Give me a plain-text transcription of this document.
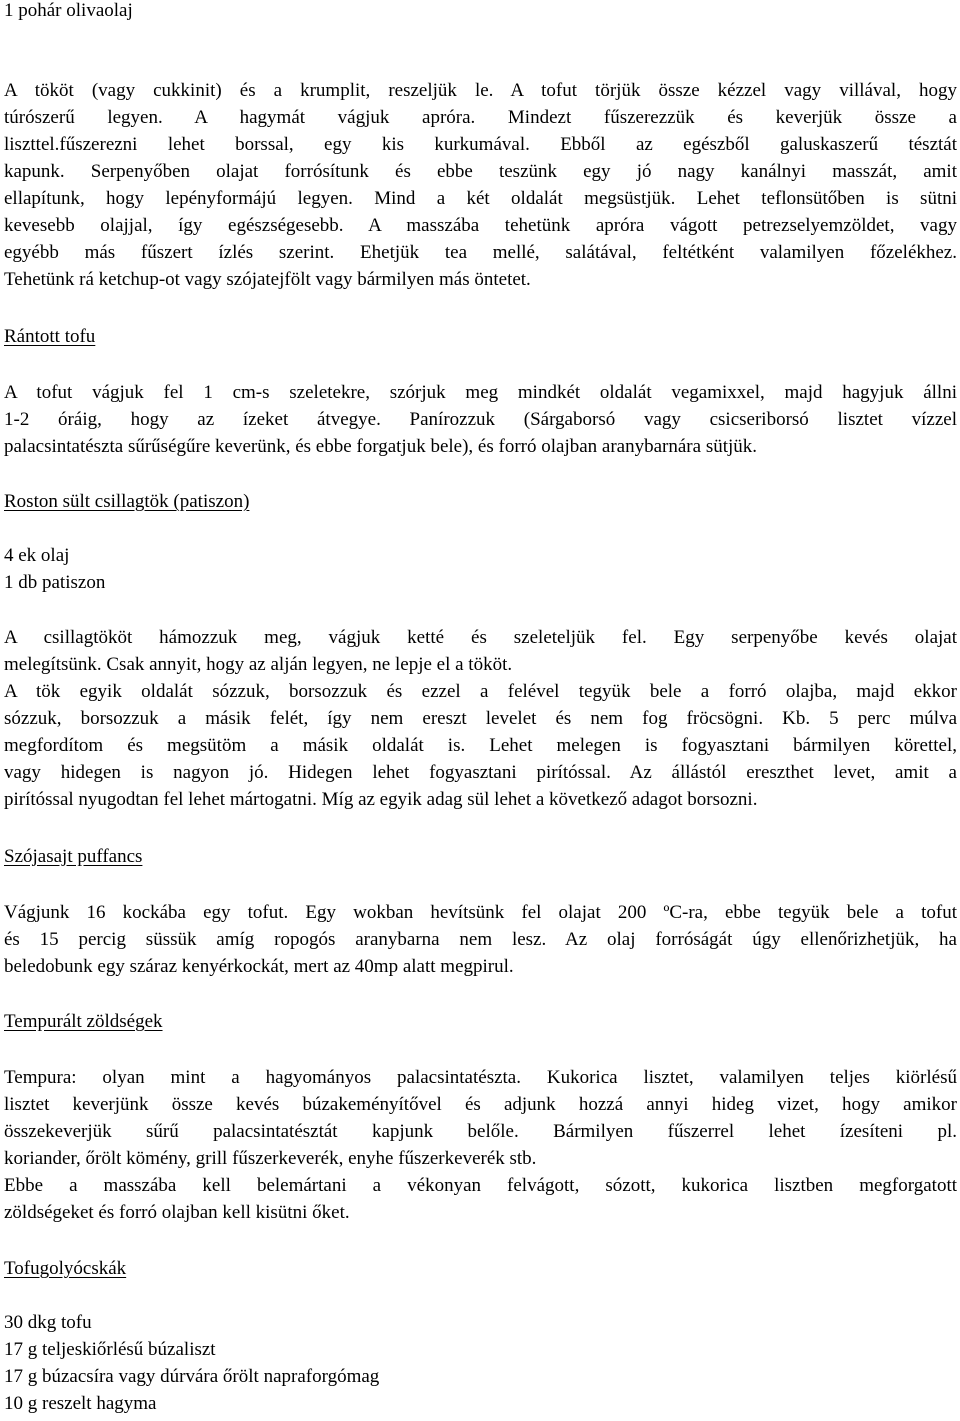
1 pohár olivaolaj
A tököt (vagy cukkinit) és a krumplit, reszeljük le. A tofut törjük össze kézzel vagy villával, hogy
túrószerű legyen. A hagymát vágjuk apróra. Mindezt fűszerezzük és keverjük össze a
liszttel.fűszerezni lehet borssal, egy kis kurkumával. Ebből az egészből galuskaszerű tésztát
kapunk. Serpenyőben olajat forrósítunk és ebbe teszünk egy jó nagy kanálnyi masszát, amit
ellapítunk, hogy lepényformájú legyen. Mind a két oldalát megsüstjük. Lehet teflonsütőben is sütni
kevesebb olajjal, így egészségesebb. A masszába tehetünk apróra vágott petrezselyemzöldet, vagy
egyébb más fűszert ízlés szerint. Ehetjük tea mellé, salátával, feltétként valamilyen főzelékhez.
Tehetünk rá ketchup-ot vagy szójatejfölt vagy bármilyen más öntetet.
Rántott tofu
A tofut vágjuk fel 1 cm-s szeletekre, szórjuk meg mindkét oldalát vegamixxel, majd hagyjuk állni
1-2 óráig, hogy az ízeket átvegye. Panírozzuk (Sárgaborsó vagy csicseriborsó lisztet vízzel
palacsintatészta sűrűségűre keverünk, és ebbe forgatjuk bele), és forró olajban aranybarnára sütjük.
Roston sült csillagtök (patiszon)
4 ek olaj
1 db patiszon
A csillagtököt hámozzuk meg, vágjuk ketté és szeleteljük fel. Egy serpenyőbe kevés olajat
melegítsünk. Csak annyit, hogy az alján legyen, ne lepje el a tököt.
A tök egyik oldalát sózzuk, borsozzuk és ezzel a felével tegyük bele a forró olajba, majd ekkor
sózzuk, borsozzuk a másik felét, így nem ereszt levelet és nem fog fröcsögni. Kb. 5 perc múlva
megfordítom és megsütöm a másik oldalát is. Lehet melegen is fogyasztani bármilyen körettel,
vagy hidegen is nagyon jó. Hidegen lehet fogyasztani pirítóssal. Az állástól ereszthet levet, amit a
pirítóssal nyugodtan fel lehet mártogatni. Míg az egyik adag sül lehet a következő adagot borsozni.
Szójasajt puffancs
Vágjunk 16 kockába egy tofut. Egy wokban hevítsünk fel olajat 200 ºC-ra, ebbe tegyük bele a tofut
és 15 percig süssük amíg ropogós aranybarna nem lesz. Az olaj forróságát úgy ellenőrizhetjük, ha
beledobunk egy száraz kenyérkockát, mert az 40mp alatt megpirul.
Tempurált zöldségek
Tempura: olyan mint a hagyományos palacsintatészta. Kukorica lisztet, valamilyen teljes kiörlésű
lisztet keverjünk össze kevés búzakeményítővel és adjunk hozzá annyi hideg vizet, hogy amikor
összekeverjük sűrű palacsintatésztát kapjunk belőle. Bármilyen fűszerrel lehet ízesíteni pl.
koriander, őrölt kömény, grill fűszerkeverék, enyhe fűszerkeverék stb.
Ebbe a masszába kell belemártani a vékonyan felvágott, sózott, kukorica lisztben megforgatott
zöldségeket és forró olajban kell kisütni őket.
Tofugolyócskák
30 dkg tofu
17 g teljeskiőrlésű búzaliszt
17 g búzacsíra vagy dúrvára őrölt napraforgómag
10 g reszelt hagyma
